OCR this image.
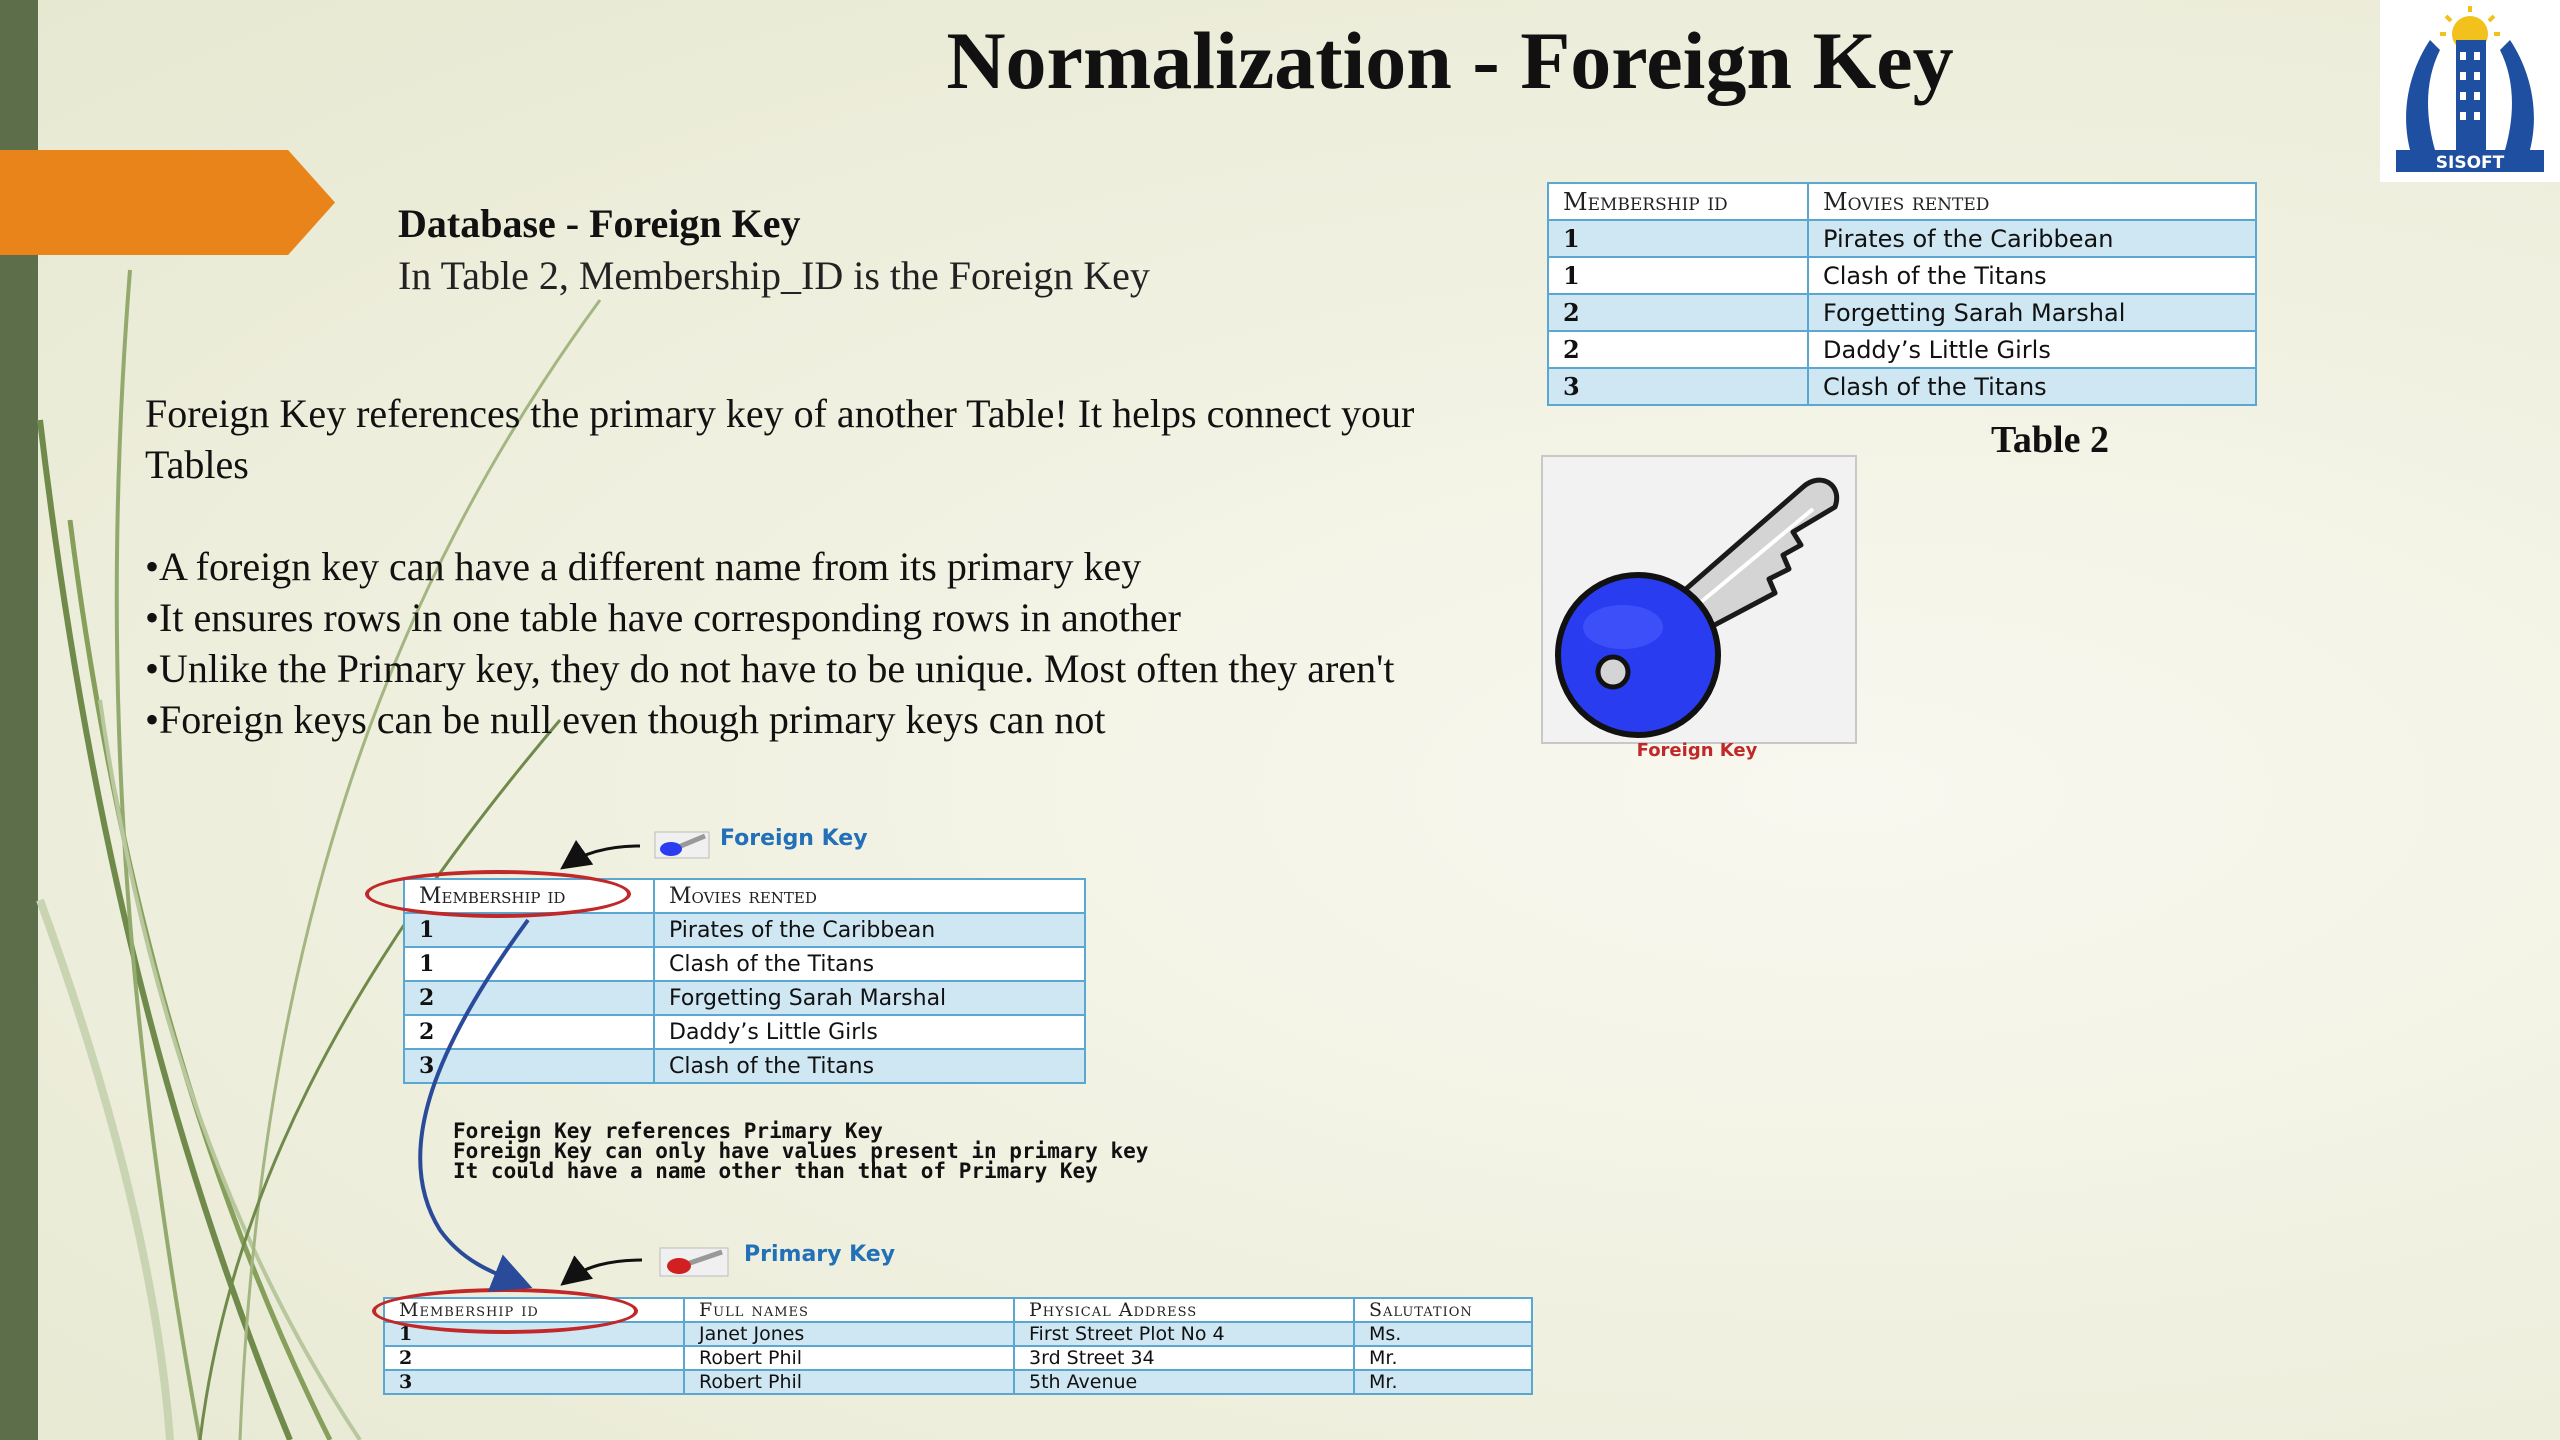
Normalization - Foreign Key
SISOFT
Database - Foreign Key
In Table 2, Membership_ID is the Foreign Key

Foreign Key references the primary key of another Table! It helps connect your Tables

•A foreign key can have a different name from its primary key

•It ensures rows in one table have corresponding rows in another

•Unlike the Primary key, they do not have to be unique. Most often they aren't

•Foreign keys can be null even though primary keys can not

Membership id	Movies rented
1	Pirates of the Caribbean
1	Clash of the Titans
2	Forgetting Sarah Marshal
2	Daddy’s Little Girls
3	Clash of the Titans
Table 2
Foreign Key
Foreign Key
Membership id	Movies rented
1	Pirates of the Caribbean
1	Clash of the Titans
2	Forgetting Sarah Marshal
2	Daddy’s Little Girls
3	Clash of the Titans
Foreign Key references Primary Key
Foreign Key can only have values present in primary key
It could have a name other than that of Primary Key
Primary Key
Membership id	Full names	Physical Address	Salutation
1	Janet Jones	First Street Plot No 4	Ms.
2	Robert Phil	3rd Street 34	Mr.
3	Robert Phil	5th Avenue	Mr.
